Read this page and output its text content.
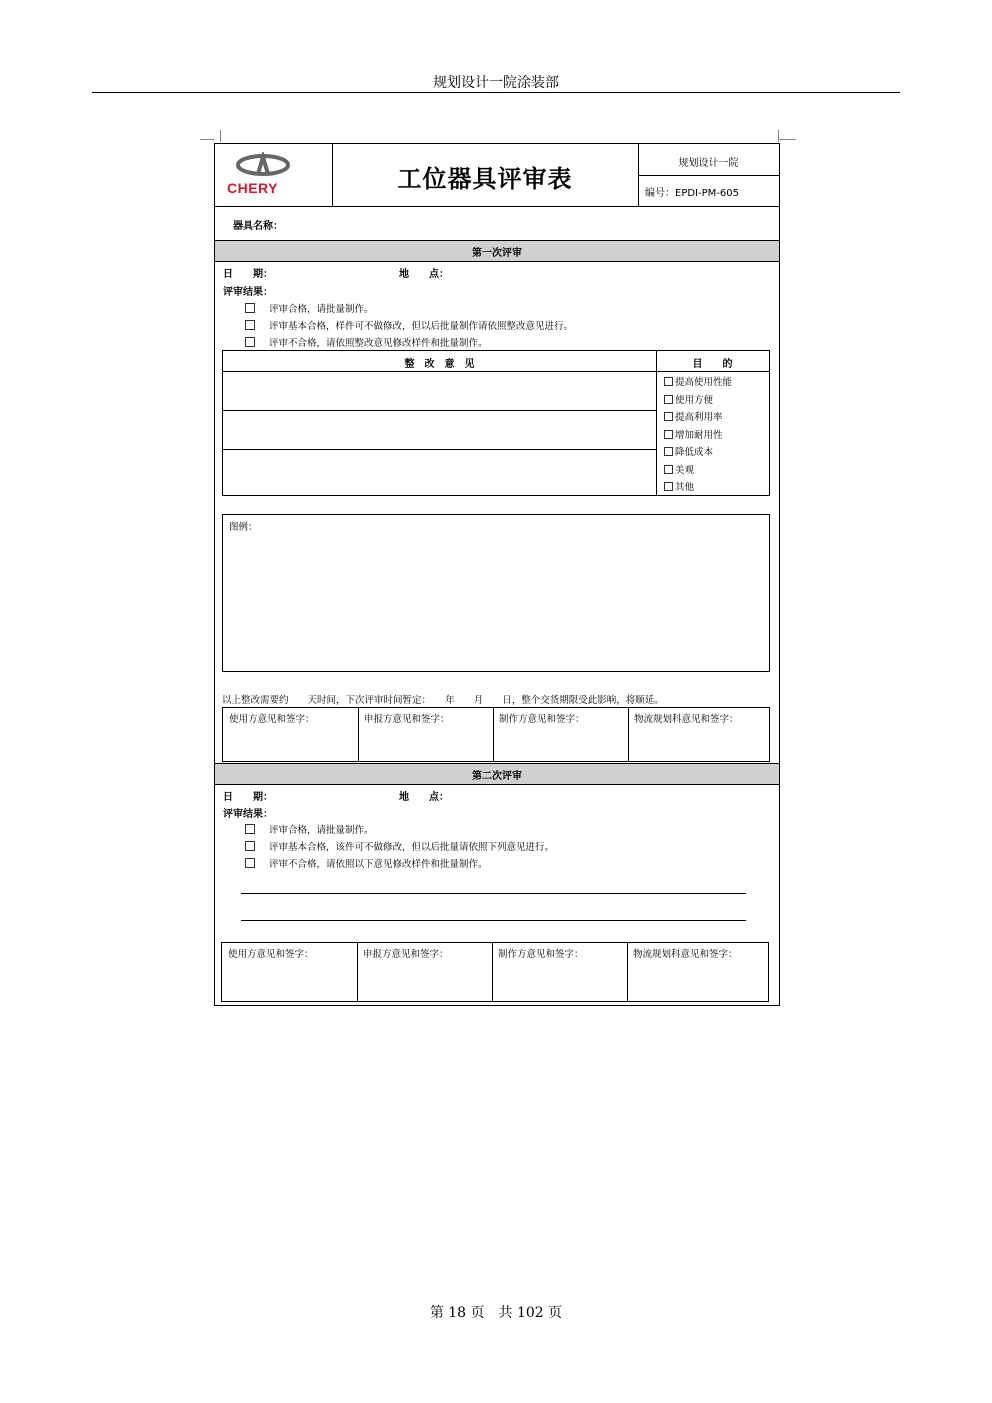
规划设计一院涂装部
CHERY	工位器具评审表
规划设计一院
编号：EPDI-PM-605
器具名称：
第一次评审
日　　期：	地　　点：
评审结果：
评审合格，请批量制作。
评审基本合格，样件可不做修改，但以后批量制作请依照整改意见进行。
评审不合格，请依照整改意见修改样件和批量制作。
整　改　意　见	目　　的
提高使用性能
使用方便
提高利用率
增加耐用性
降低成本
美观
其他
图例：
以上整改需要约　　天时间，下次评审时间暂定：　　年　　月　　日，整个交货期限受此影响，将顺延。
使用方意见和签字：	申报方意见和签字：	制作方意见和签字：	物流规划科意见和签字：
第二次评审
日　　期：	地　　点：
评审结果：
评审合格，请批量制作。
评审基本合格，该件可不做修改，但以后批量请依照下列意见进行。
评审不合格，请依照以下意见修改样件和批量制作。
使用方意见和签字：	申报方意见和签字：	制作方意见和签字：	物流规划科意见和签字：
第 18 页　共 102 页
